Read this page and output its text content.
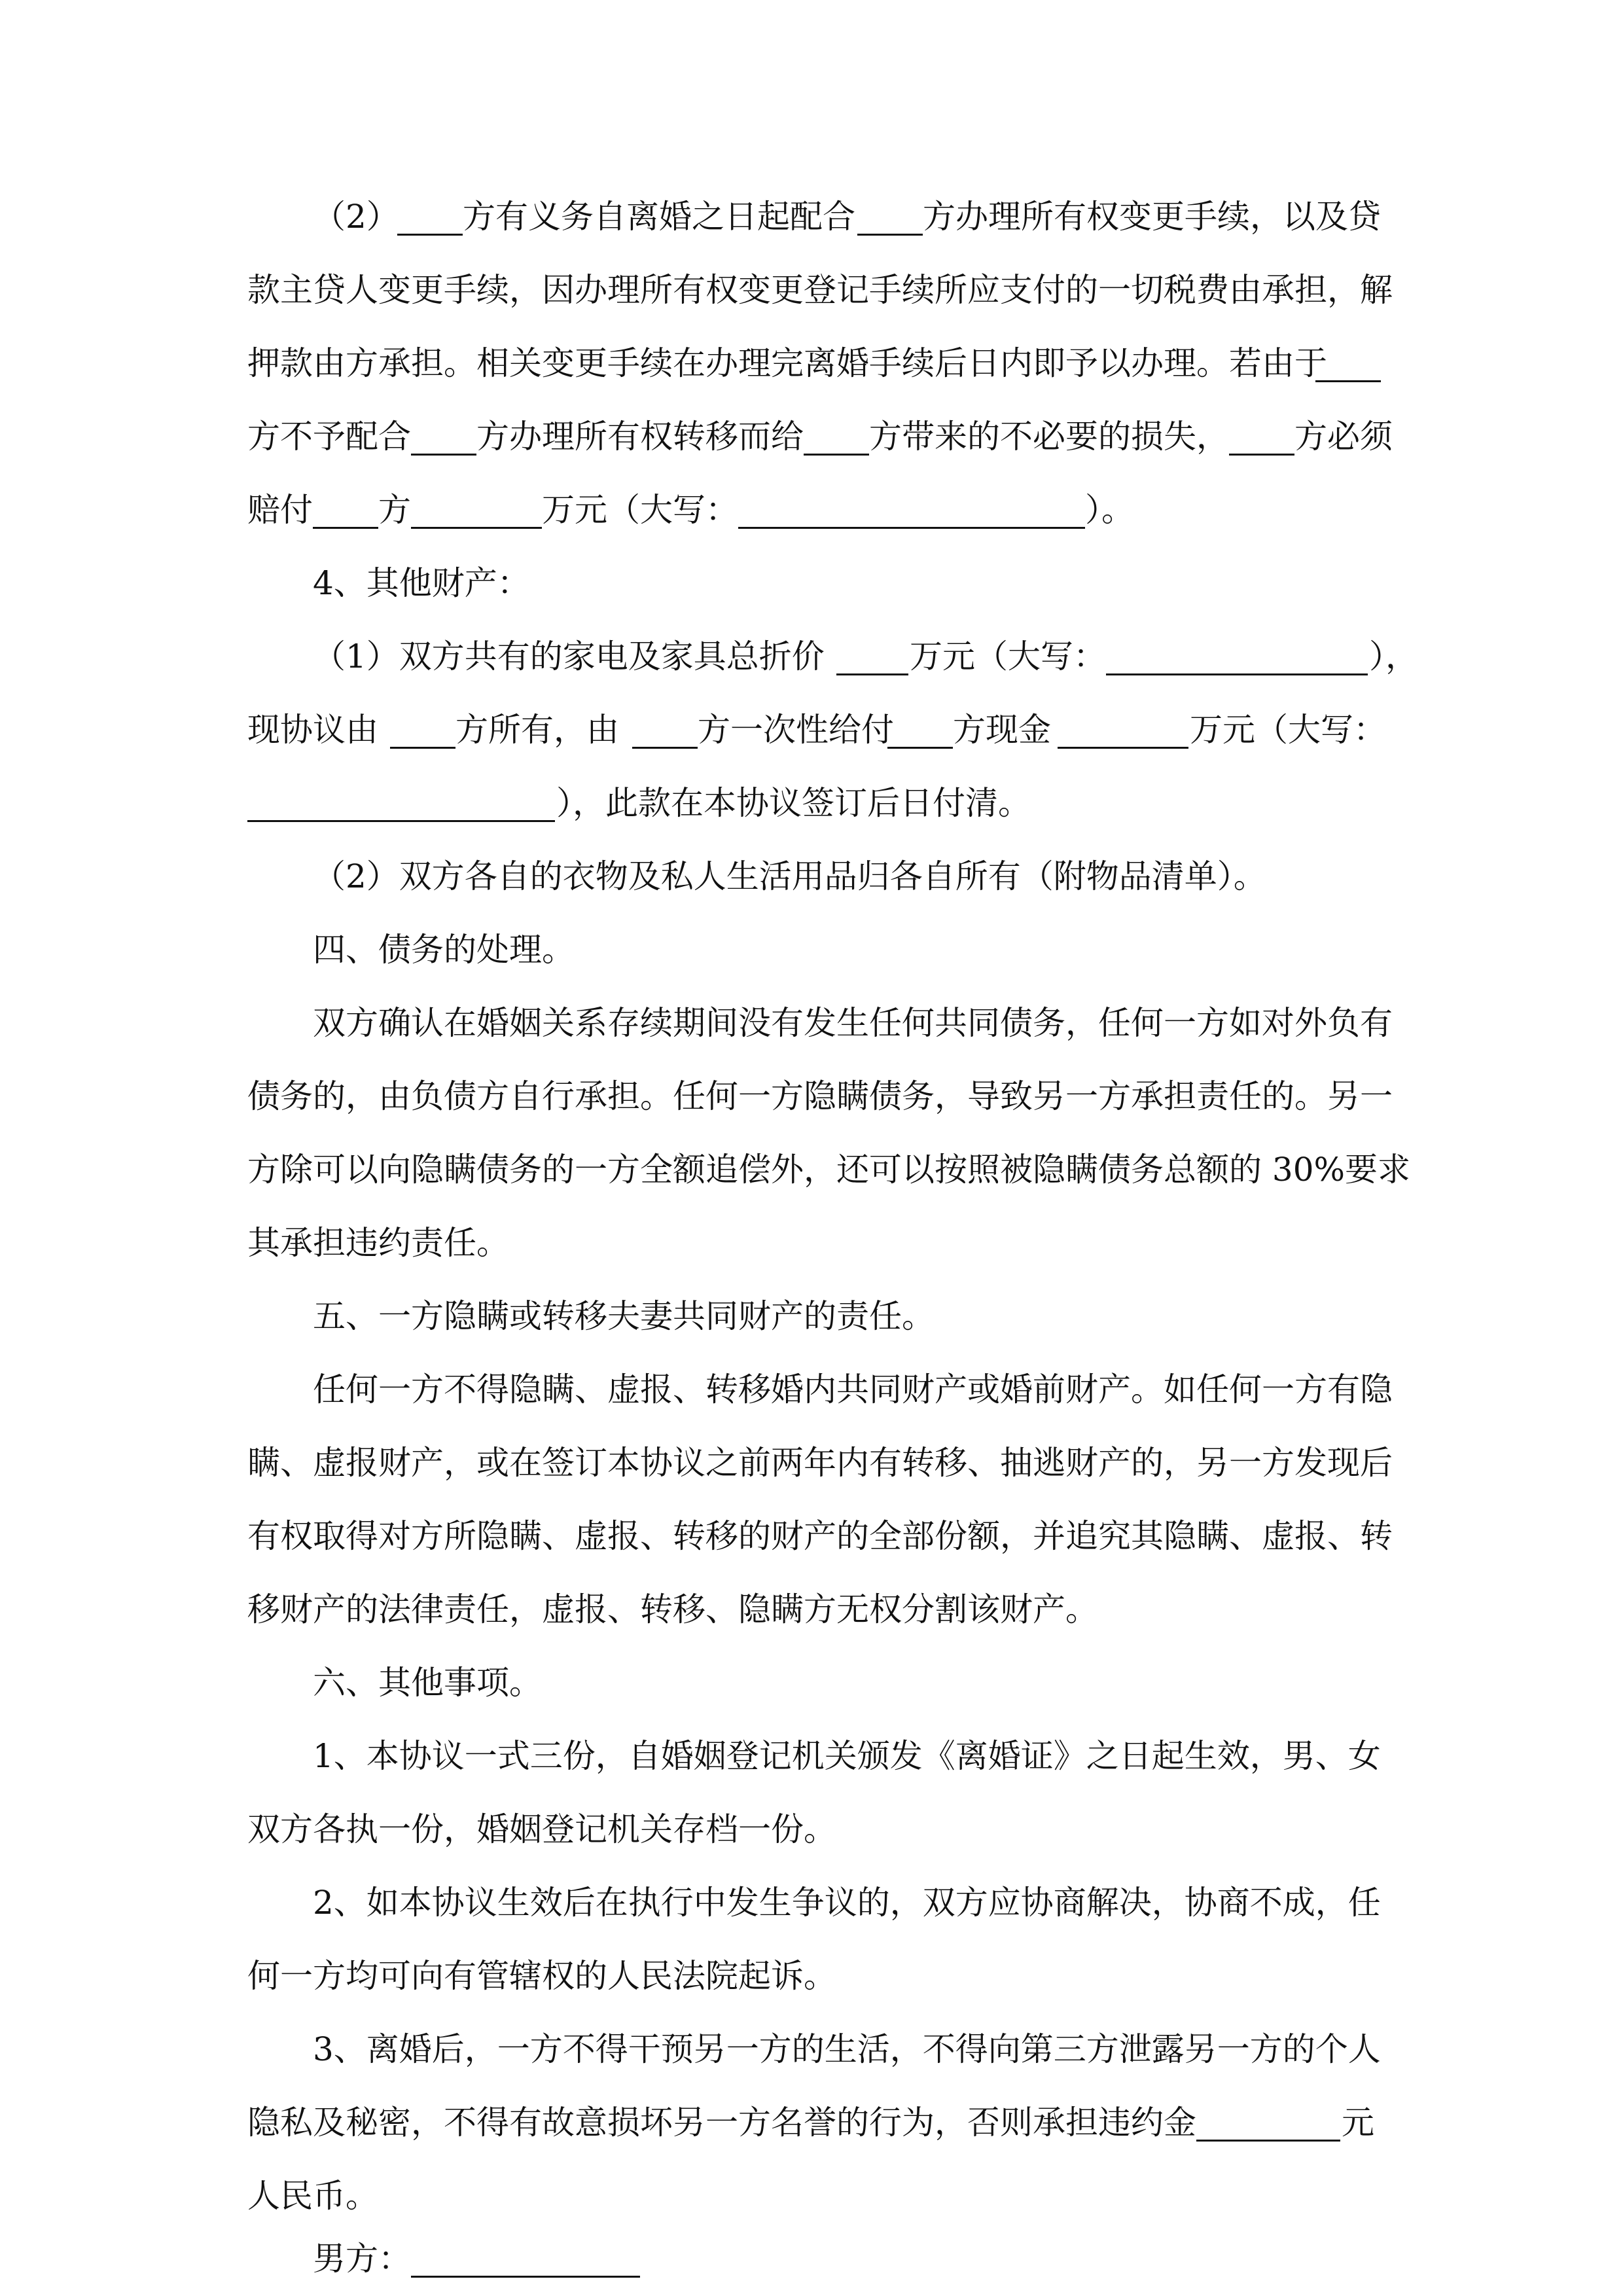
（2） 方有义务自离婚之日起配合 方办理所有权变更手续，以及贷
款主贷人变更手续，因办理所有权变更登记手续所应支付的一切税费由承担，解
押款由方承担。相关变更手续在办理完离婚手续后日内即予以办理。若由于
方不予配合 方办理所有权转移而给 方带来的不必要的损失， 方必须
赔付 方	万元（大写：	）。
4、其他财产：
（1）双方共有的家电及家具总折价	万元（大写：	），
现协议由 方所有，由 方一次性给付 方现金	万元（大写：
），此款在本协议签订后日付清。
（2）双方各自的衣物及私人生活用品归各自所有（附物品清单）。
四、债务的处理。
双方确认在婚姻关系存续期间没有发生任何共同债务，任何一方如对外负有
债务的，由负债方自行承担。任何一方隐瞒债务，导致另一方承担责任的。另一
方除可以向隐瞒债务的一方全额追偿外，还可以按照被隐瞒债务总额的 30%要求
其承担违约责任。
五、一方隐瞒或转移夫妻共同财产的责任。
任何一方不得隐瞒、虚报、转移婚内共同财产或婚前财产。如任何一方有隐
瞒、虚报财产，或在签订本协议之前两年内有转移、抽逃财产的，另一方发现后
有权取得对方所隐瞒、虚报、转移的财产的全部份额，并追究其隐瞒、虚报、转
移财产的法律责任，虚报、转移、隐瞒方无权分割该财产。
六、其他事项。
1、本协议一式三份，自婚姻登记机关颁发《离婚证》之日起生效，男、女
双方各执一份，婚姻登记机关存档一份。
2、如本协议生效后在执行中发生争议的，双方应协商解决，协商不成，任
何一方均可向有管辖权的人民法院起诉。
3、离婚后，一方不得干预另一方的生活，不得向第三方泄露另一方的个人
隐私及秘密，不得有故意损坏另一方名誉的行为，否则承担违约金	元
人民币。
男方：
